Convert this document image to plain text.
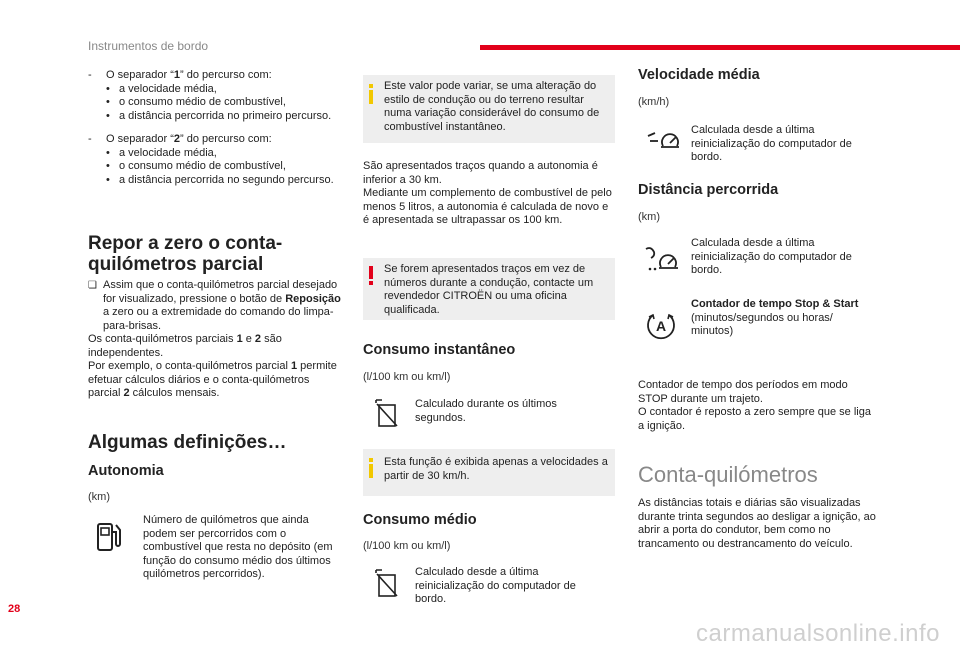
Instrumentos de bordo
- O separador “1” do percurso com:
• a velocidade média,
• o consumo médio de combustível,
• a distância percorrida no primeiro percurso.
- O separador “2” do percurso com:
• a velocidade média,
• o consumo médio de combustível,
• a distância percorrida no segundo percurso.
Repor a zero o conta-quilómetros parcial
❏ Assim que o conta-quilómetros parcial desejado for visualizado, pressione o botão de Reposição a zero ou a extremidade do comando do limpa-para-brisas.
Os conta-quilómetros parciais 1 e 2 são independentes.
Por exemplo, o conta-quilómetros parcial 1 permite efetuar cálculos diários e o conta-quilómetros parcial 2 cálculos mensais.
Algumas definições…
Autonomia
(km)
Número de quilómetros que ainda podem ser percorridos com o combustível que resta no depósito (em função do consumo médio dos últimos quilómetros percorridos).
Este valor pode variar, se uma alteração do estilo de condução ou do terreno resultar numa variação considerável do consumo de combustível instantâneo.
São apresentados traços quando a autonomia é inferior a 30 km.
Mediante um complemento de combustível de pelo menos 5 litros, a autonomia é calculada de novo e é apresentada se ultrapassar os 100 km.
Se forem apresentados traços em vez de números durante a condução, contacte um revendedor CITROËN ou uma oficina qualificada.
Consumo instantâneo
(l/100 km ou km/l)
Calculado durante os últimos segundos.
Esta função é exibida apenas a velocidades a partir de 30 km/h.
Consumo médio
(l/100 km ou km/l)
Calculado desde a última reinicialização do computador de bordo.
Velocidade média
(km/h)
Calculada desde a última reinicialização do computador de bordo.
Distância percorrida
(km)
Calculada desde a última reinicialização do computador de bordo.
A
Contador de tempo Stop & Start
(minutos/segundos ou horas/ minutos)
Contador de tempo dos períodos em modo STOP durante um trajeto.
O contador é reposto a zero sempre que se liga a ignição.
Conta-quilómetros
As distâncias totais e diárias são visualizadas durante trinta segundos ao desligar a ignição, ao abrir a porta do condutor, bem como no trancamento ou destrancamento do veículo.
28
carmanualsonline.info
